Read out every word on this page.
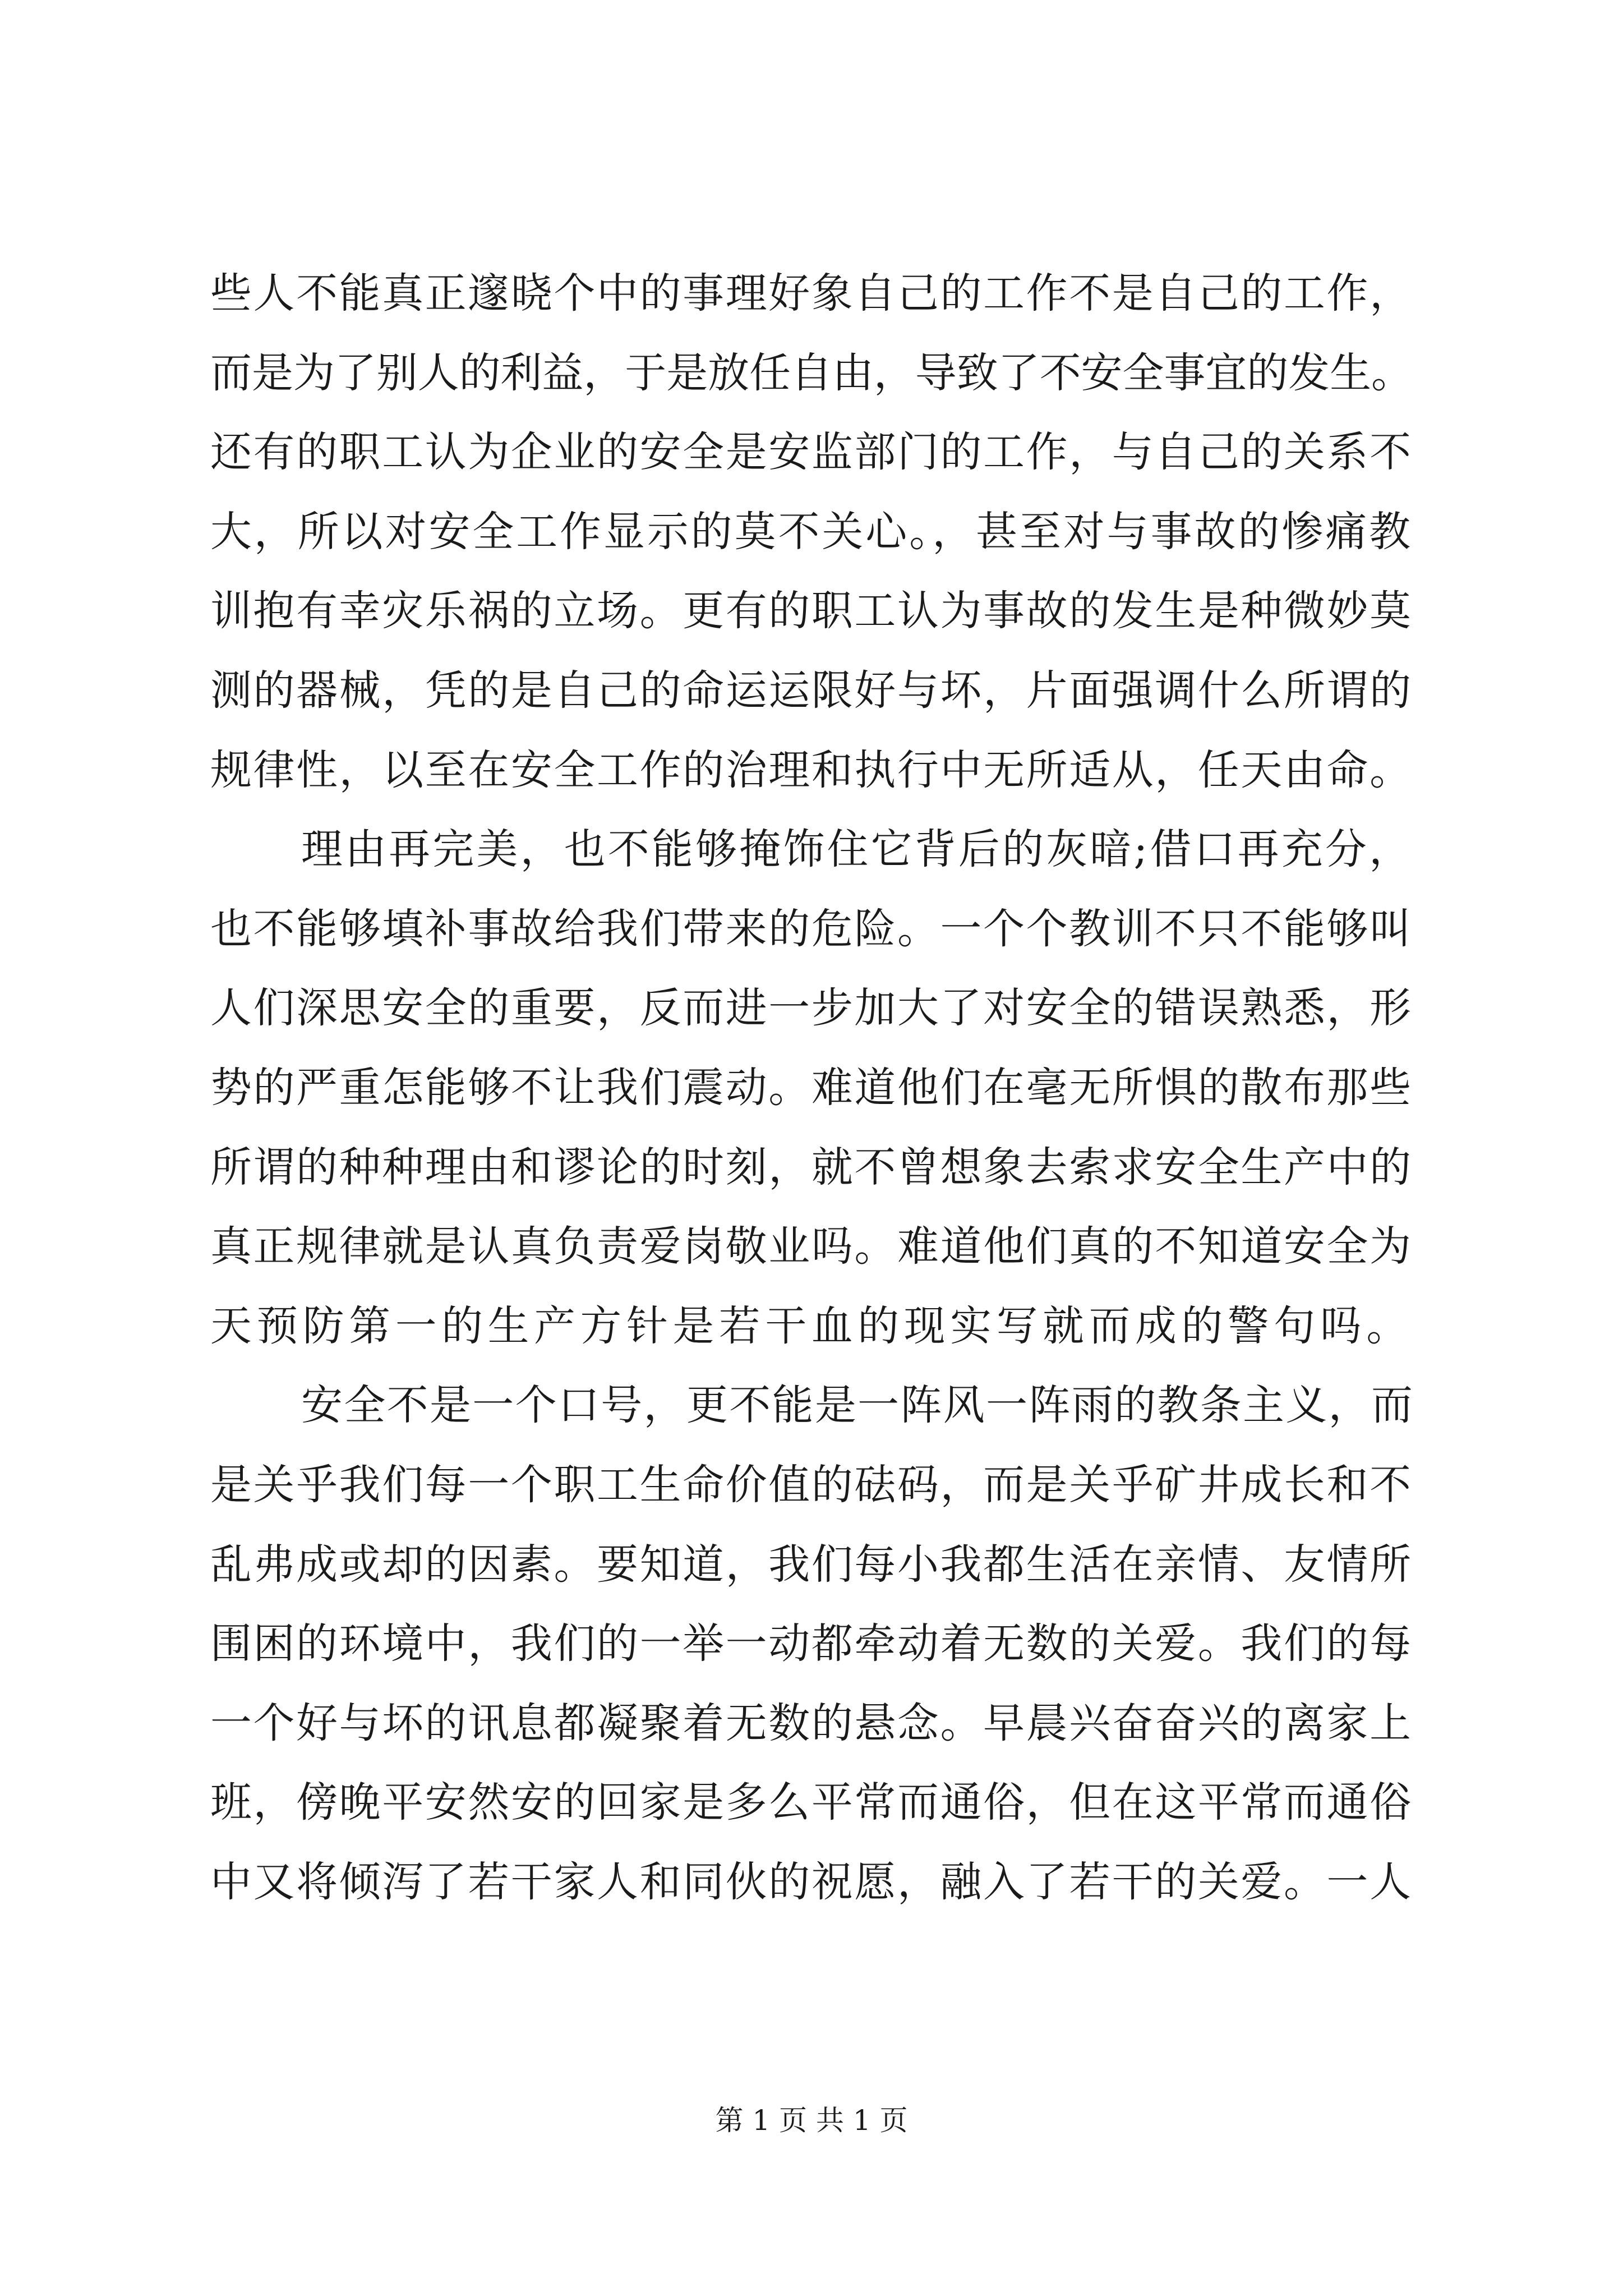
些人不能真正邃晓个中的事理好象自己的工作不是自己的工作，
而是为了别人的利益，于是放任自由，导致了不安全事宜的发生。
还有的职工认为企业的安全是安监部门的工作，与自己的关系不
大，所以对安全工作显示的莫不关心。，甚至对与事故的惨痛教
训抱有幸灾乐祸的立场。更有的职工认为事故的发生是种微妙莫
测的器械，凭的是自己的命运运限好与坏，片面强调什么所谓的
规律性，以至在安全工作的治理和执行中无所适从，任天由命。
理由再完美，也不能够掩饰住它背后的灰暗;借口再充分，
也不能够填补事故给我们带来的危险。一个个教训不只不能够叫
人们深思安全的重要，反而进一步加大了对安全的错误熟悉，形
势的严重怎能够不让我们震动。难道他们在毫无所惧的散布那些
所谓的种种理由和谬论的时刻，就不曾想象去索求安全生产中的
真正规律就是认真负责爱岗敬业吗。难道他们真的不知道安全为
天预防第一的生产方针是若干血的现实写就而成的警句吗。
安全不是一个口号，更不能是一阵风一阵雨的教条主义，而
是关乎我们每一个职工生命价值的砝码，而是关乎矿井成长和不
乱弗成或却的因素。要知道，我们每小我都生活在亲情、友情所
围困的环境中，我们的一举一动都牵动着无数的关爱。我们的每
一个好与坏的讯息都凝聚着无数的悬念。早晨兴奋奋兴的离家上
班，傍晚平安然安的回家是多么平常而通俗，但在这平常而通俗
中又将倾泻了若干家人和同伙的祝愿，融入了若干的关爱。一人
第 1 页 共 1 页
